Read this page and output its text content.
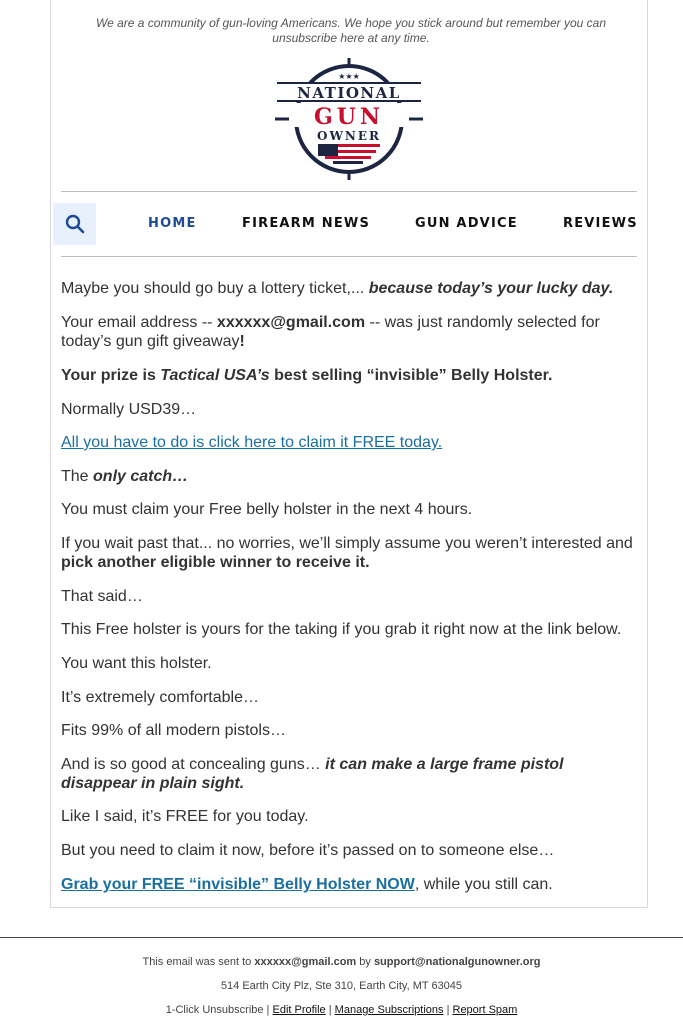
We are a community of gun-loving Americans. We hope you stick around but remember you can unsubscribe here at any time.
★★★
NATIONAL
GUN
OWNER
HOME	FIREARM NEWS	GUN ADVICE	REVIEWS
Maybe you should go buy a lottery ticket,... because today’s your lucky day.
Your email address -- xxxxxx@gmail.com -- was just randomly selected for today’s gun gift giveaway!
Your prize is Tactical USA’s best selling “invisible” Belly Holster.
Normally USD39…
All you have to do is click here to claim it FREE today.
The only catch…
You must claim your Free belly holster in the next 4 hours.
If you wait past that... no worries, we’ll simply assume you weren’t interested and pick another eligible winner to receive it.
That said…
This Free holster is yours for the taking if you grab it right now at the link below.
You want this holster.
It’s extremely comfortable…
Fits 99% of all modern pistols…
And is so good at concealing guns… it can make a large frame pistol disappear in plain sight.
Like I said, it’s FREE for you today.
But you need to claim it now, before it’s passed on to someone else…
Grab your FREE “invisible” Belly Holster NOW, while you still can.
This email was sent to xxxxxx@gmail.com by support@nationalgunowner.org
514 Earth City Plz, Ste 310, Earth City, MT 63045
1-Click Unsubscribe | Edit Profile | Manage Subscriptions | Report Spam
